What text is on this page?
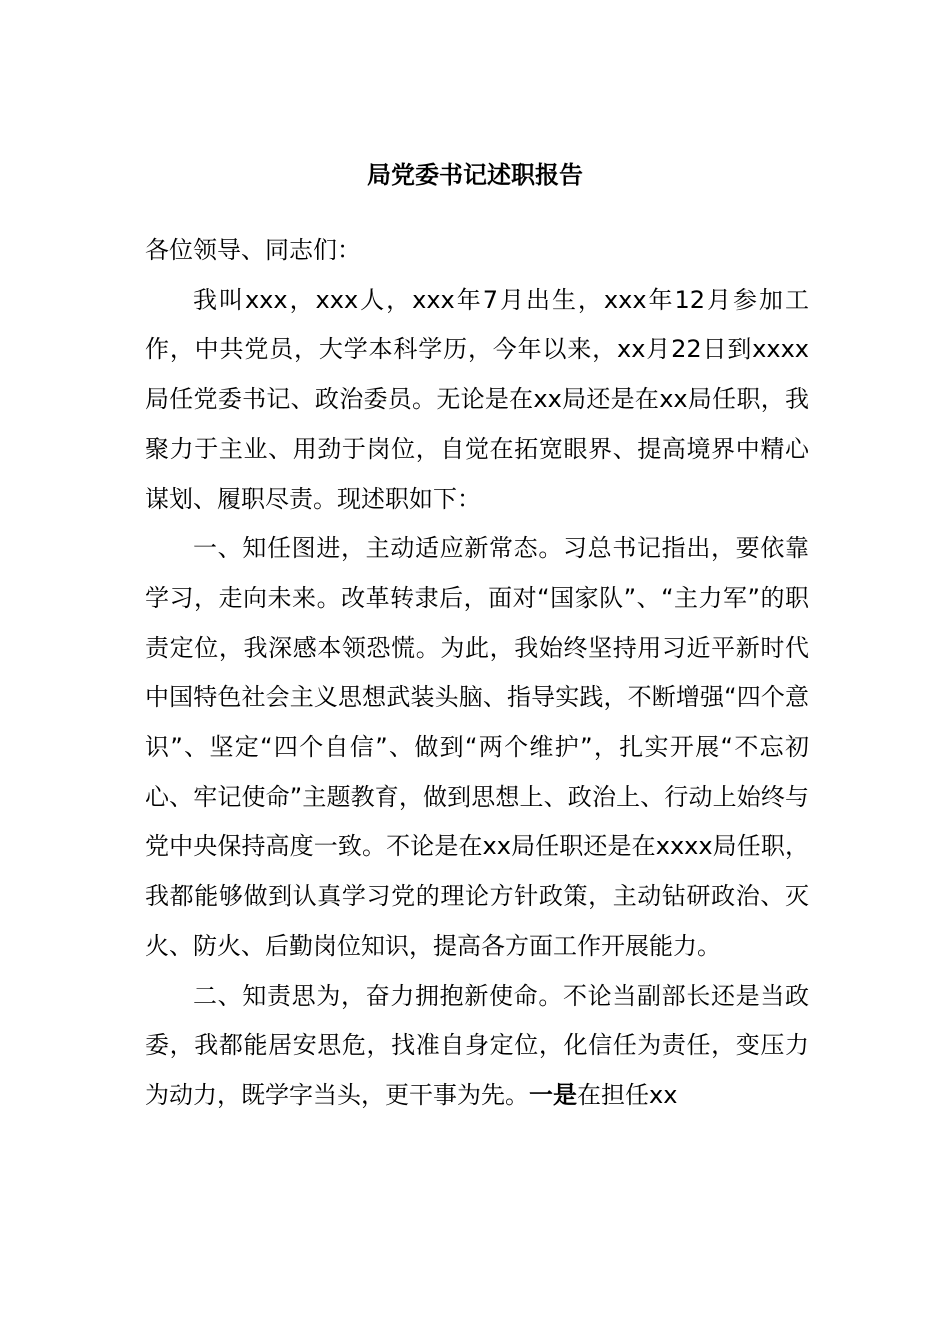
局党委书记述职报告

各位领导、同志们：

我叫xxx，xxx人，xxx年7月出生，xxx年12月参加工作，中共党员，大学本科学历，今年以来，xx月22日到xxxx局任党委书记、政治委员。无论是在xx局还是在xx局任职，我聚力于主业、用劲于岗位，自觉在拓宽眼界、提高境界中精心谋划、履职尽责。现述职如下：

一、知任图进，主动适应新常态。习总书记指出，要依靠学习，走向未来。改革转隶后，面对“国家队”、“主力军”的职责定位，我深感本领恐慌。为此，我始终坚持用习近平新时代中国特色社会主义思想武装头脑、指导实践，不断增强“四个意识”、坚定“四个自信”、做到“两个维护”，扎实开展“不忘初心、牢记使命”主题教育，做到思想上、政治上、行动上始终与党中央保持高度一致。不论是在xx局任职还是在xxxx局任职，我都能够做到认真学习党的理论方针政策，主动钻研政治、灭火、防火、后勤岗位知识，提高各方面工作开展能力。

二、知责思为，奋力拥抱新使命。不论当副部长还是当政委，我都能居安思危，找准自身定位，化信任为责任，变压力为动力，既学字当头，更干事为先。一是在担任xx
